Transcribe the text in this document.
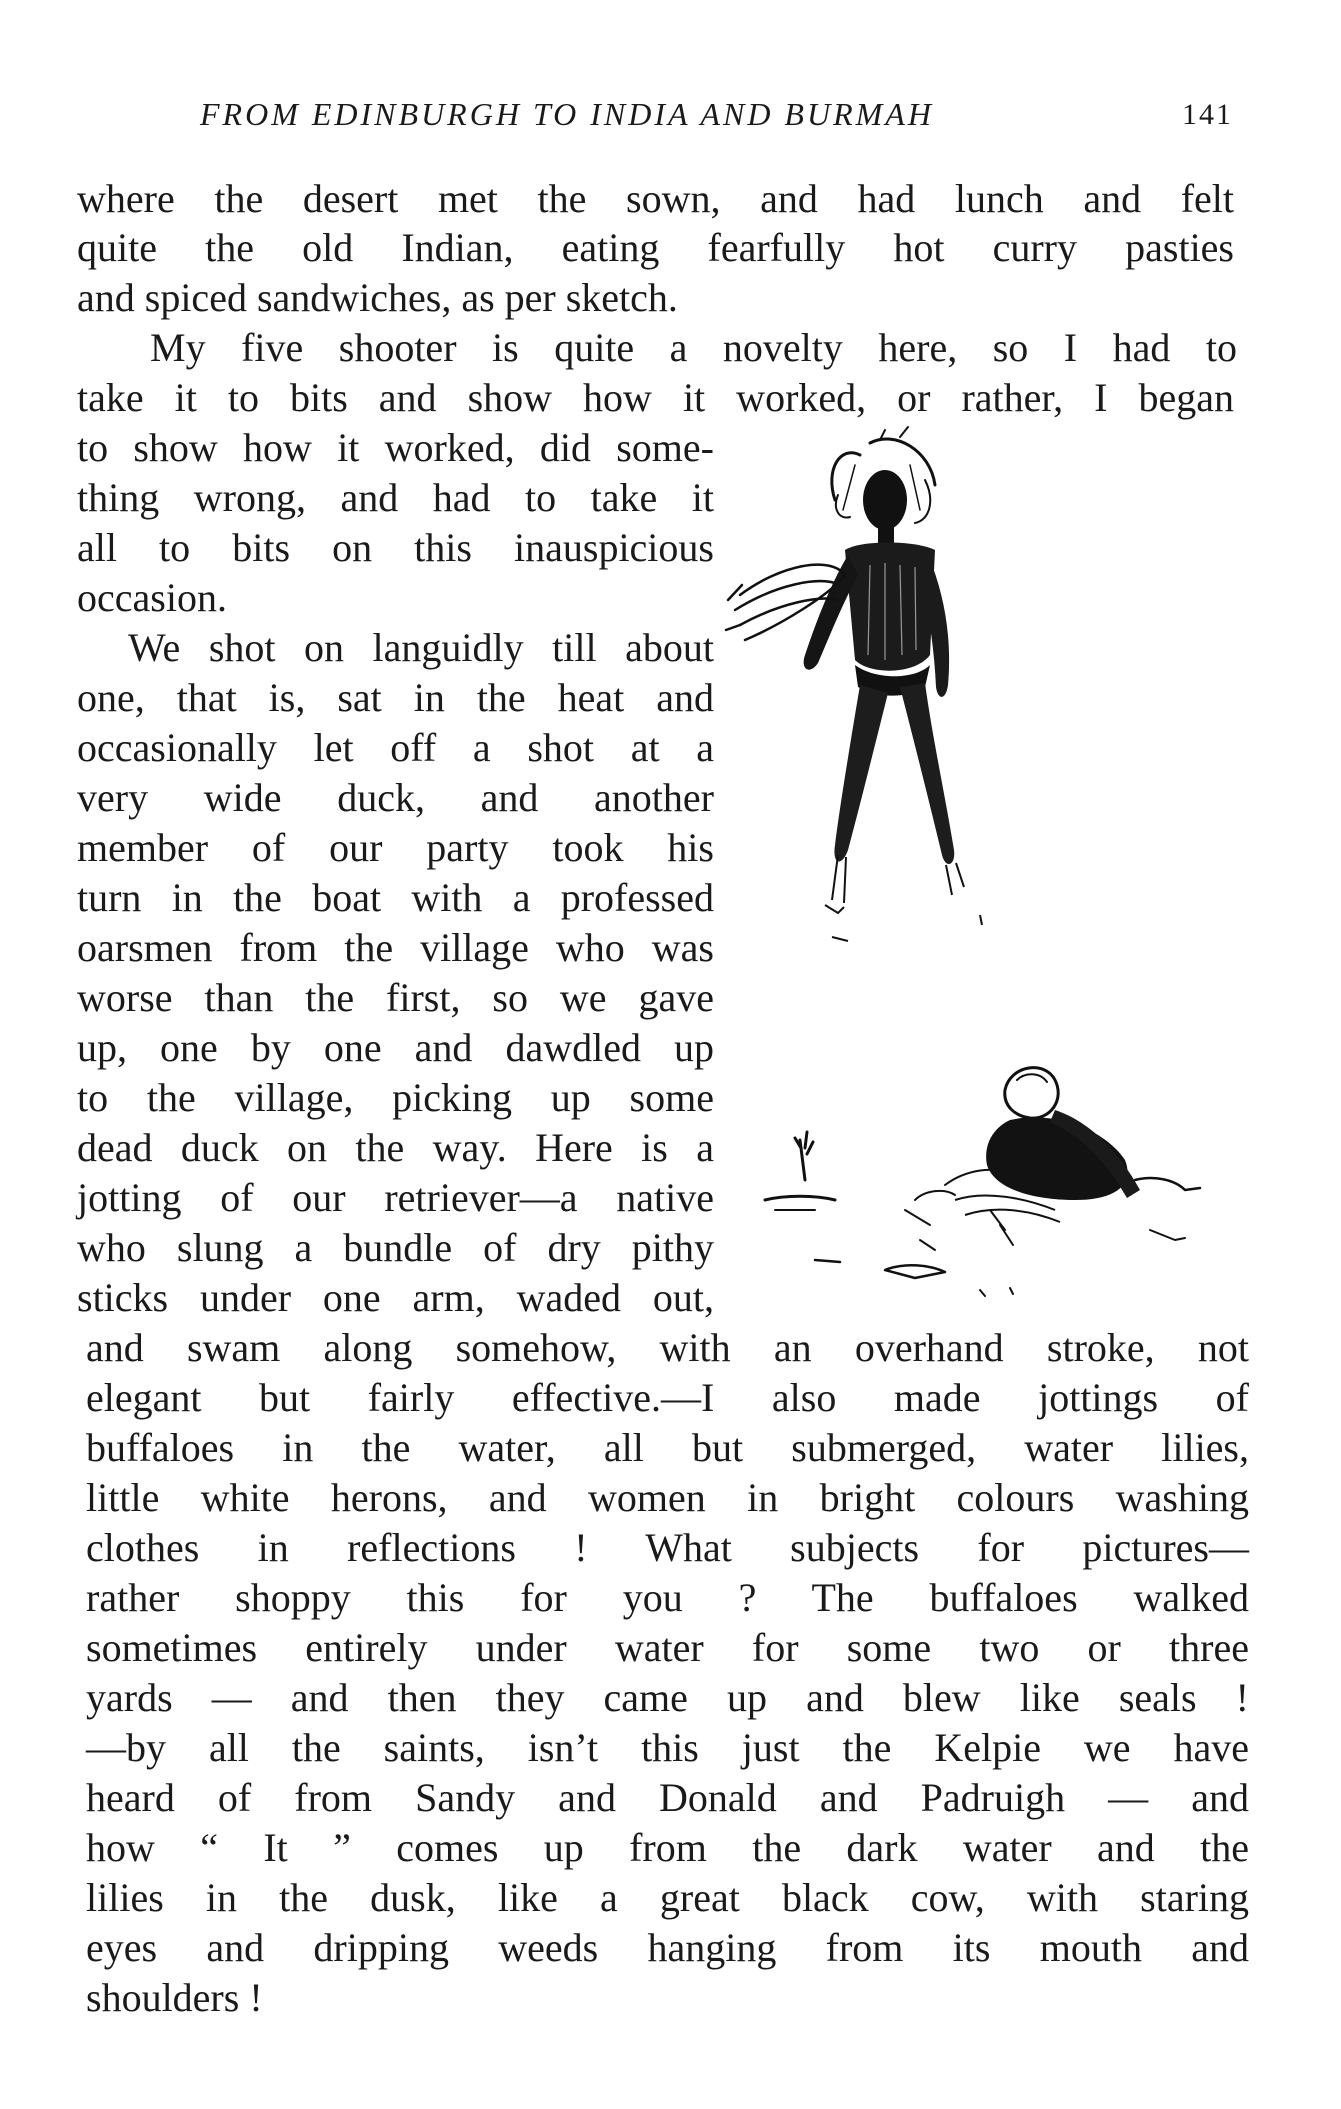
FROM EDINBURGH TO INDIA AND BURMAH	141
where the desert met the sown, and had lunch and felt
quite the old Indian, eating fearfully hot curry pasties
and spiced sandwiches, as per sketch.
My five shooter is quite a novelty here, so I had to
take it to bits and show how it worked, or rather, I began
to show how it worked, did some-
thing wrong, and had to take it
all to bits on this inauspicious
occasion.
We shot on languidly till about
one, that is, sat in the heat and
occasionally let off a shot at a
very wide duck, and another
member of our party took his
turn in the boat with a professed
oarsmen from the village who was
worse than the first, so we gave
up, one by one and dawdled up
to the village, picking up some
dead duck on the way. Here is a
jotting of our retriever—a native
who slung a bundle of dry pithy
sticks under one arm, waded out,
and swam along somehow, with an overhand stroke, not
elegant but fairly effective.—I also made jottings of
buffaloes in the water, all but submerged, water lilies,
little white herons, and women in bright colours washing
clothes in reflections ! What subjects for pictures—
rather shoppy this for you ? The buffaloes walked
sometimes entirely under water for some two or three
yards — and then they came up and blew like seals !
—by all the saints, isn’t this just the Kelpie we have
heard of from Sandy and Donald and Padruigh — and
how “ It ” comes up from the dark water and the
lilies in the dusk, like a great black cow, with staring
eyes and dripping weeds hanging from its mouth and
shoulders !
